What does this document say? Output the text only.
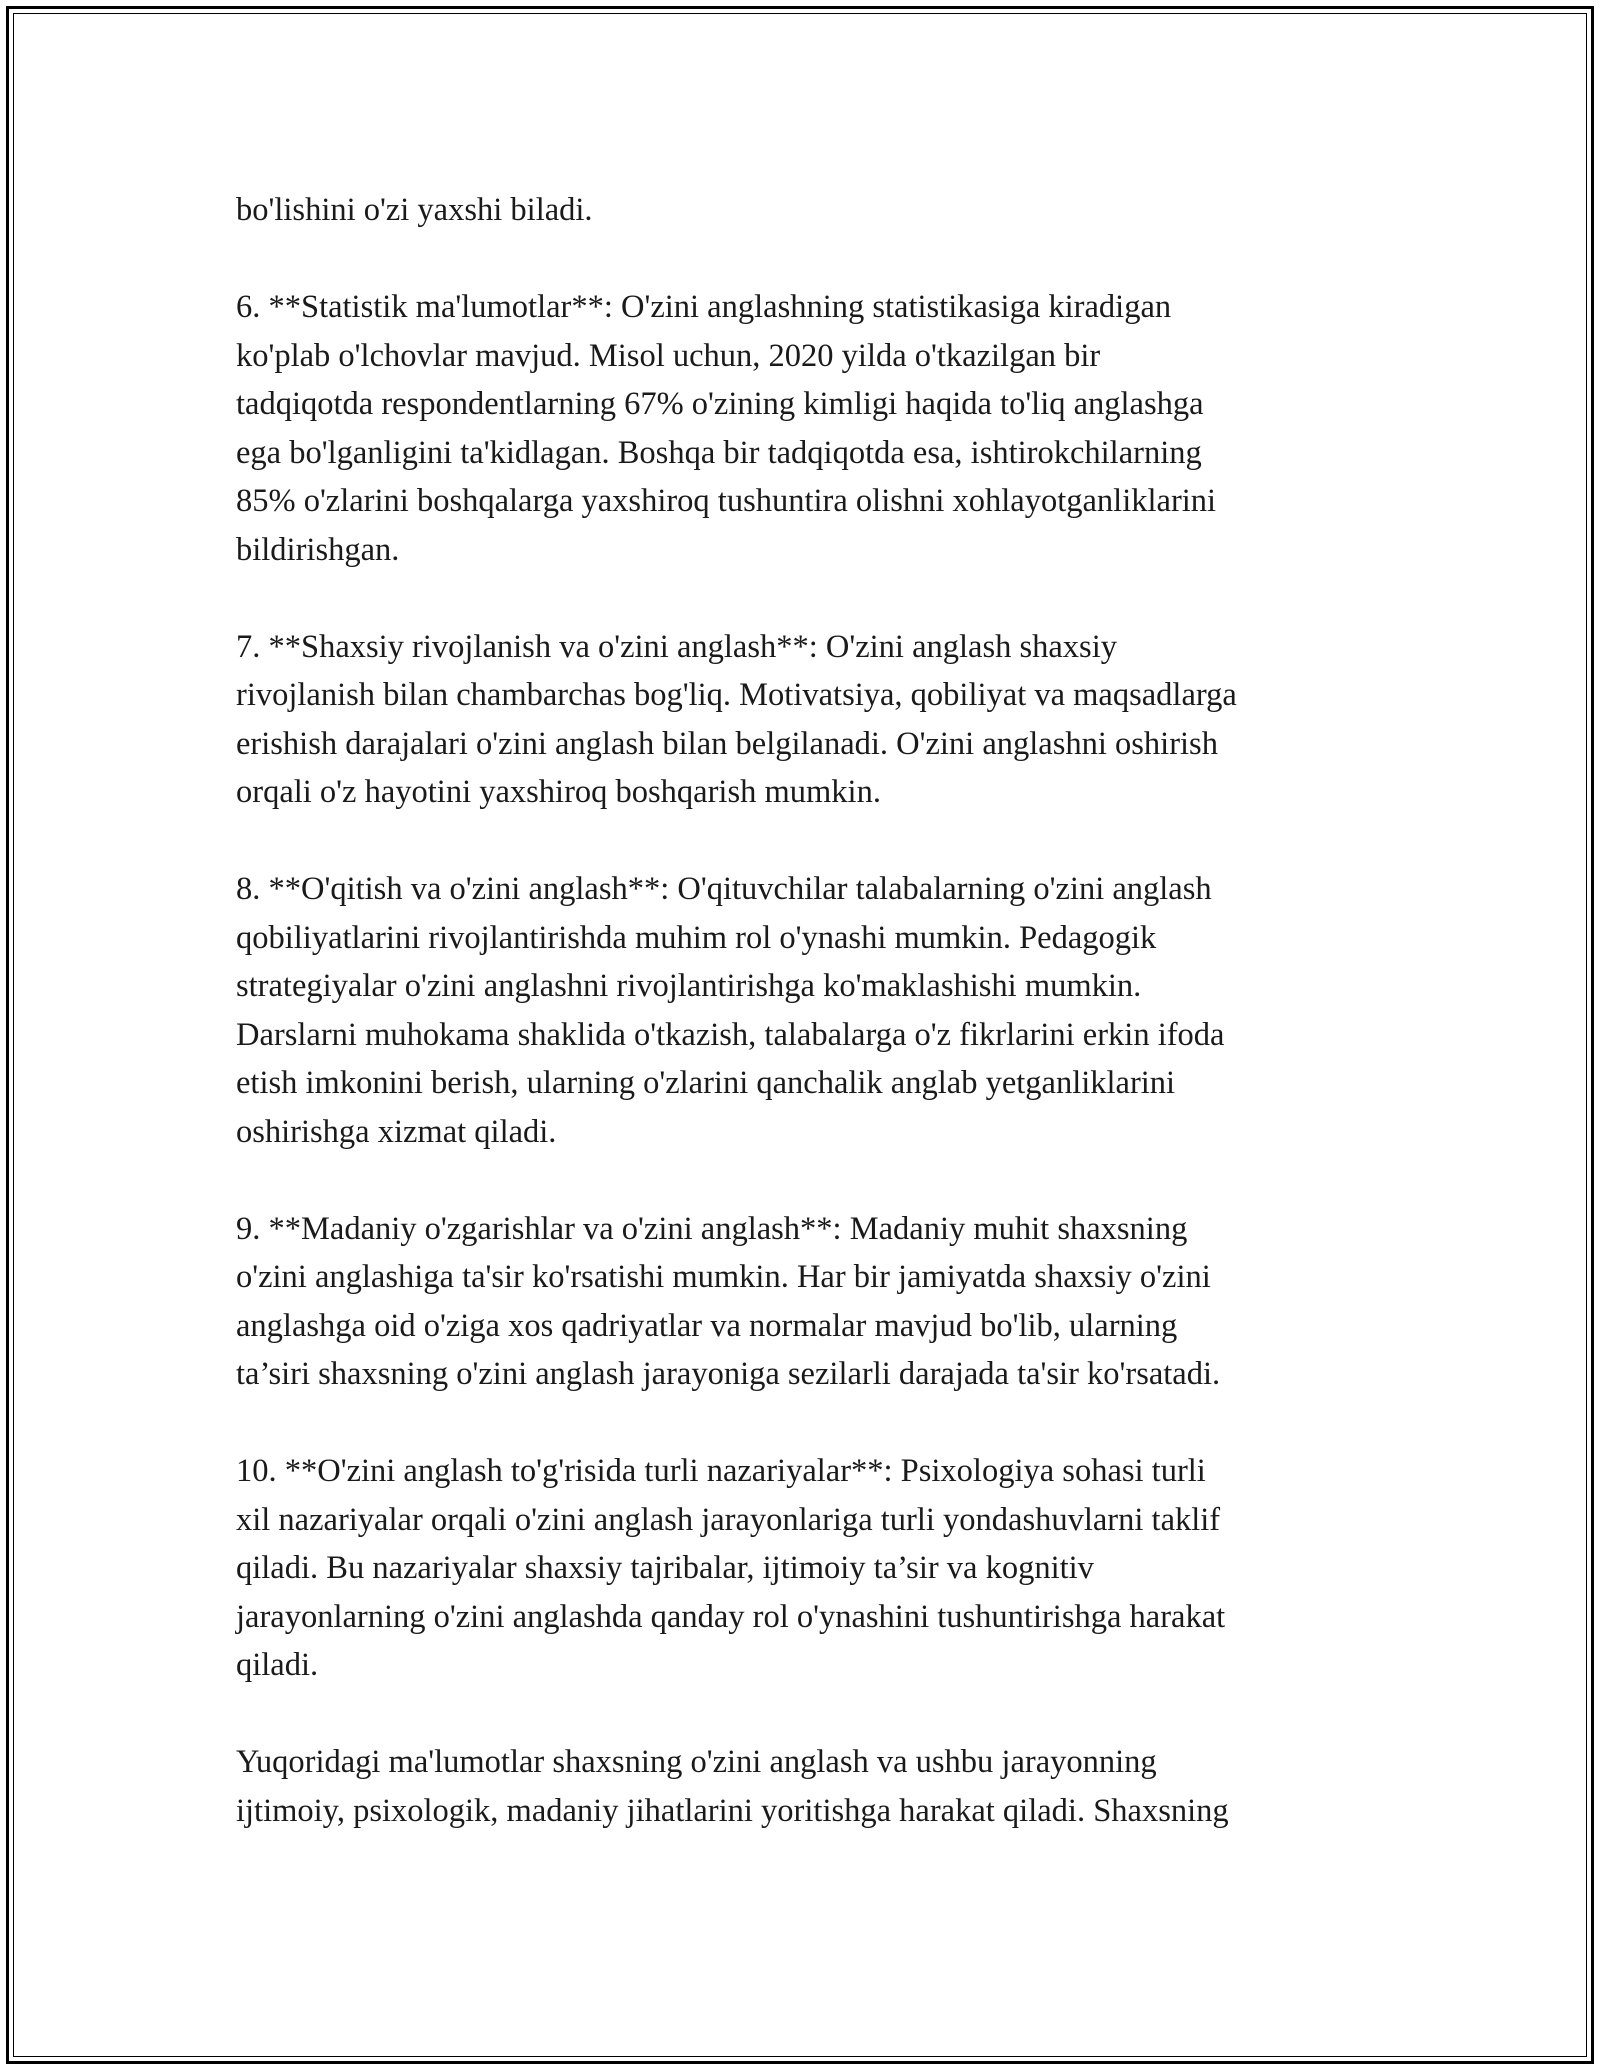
bo'lishini o'zi yaxshi biladi.

6. **Statistik ma'lumotlar**: O'zini anglashning statistikasiga kiradigan
ko'plab o'lchovlar mavjud. Misol uchun, 2020 yilda o'tkazilgan bir
tadqiqotda respondentlarning 67% o'zining kimligi haqida to'liq anglashga
ega bo'lganligini ta'kidlagan. Boshqa bir tadqiqotda esa, ishtirokchilarning
85% o'zlarini boshqalarga yaxshiroq tushuntira olishni xohlayotganliklarini
bildirishgan.

7. **Shaxsiy rivojlanish va o'zini anglash**: O'zini anglash shaxsiy
rivojlanish bilan chambarchas bog'liq. Motivatsiya, qobiliyat va maqsadlarga
erishish darajalari o'zini anglash bilan belgilanadi. O'zini anglashni oshirish
orqali o'z hayotini yaxshiroq boshqarish mumkin.

8. **O'qitish va o'zini anglash**: O'qituvchilar talabalarning o'zini anglash
qobiliyatlarini rivojlantirishda muhim rol o'ynashi mumkin. Pedagogik
strategiyalar o'zini anglashni rivojlantirishga ko'maklashishi mumkin.
Darslarni muhokama shaklida o'tkazish, talabalarga o'z fikrlarini erkin ifoda
etish imkonini berish, ularning o'zlarini qanchalik anglab yetganliklarini
oshirishga xizmat qiladi.

9. **Madaniy o'zgarishlar va o'zini anglash**: Madaniy muhit shaxsning
o'zini anglashiga ta'sir ko'rsatishi mumkin. Har bir jamiyatda shaxsiy o'zini
anglashga oid o'ziga xos qadriyatlar va normalar mavjud bo'lib, ularning
ta’siri shaxsning o'zini anglash jarayoniga sezilarli darajada ta'sir ko'rsatadi.

10. **O'zini anglash to'g'risida turli nazariyalar**: Psixologiya sohasi turli
xil nazariyalar orqali o'zini anglash jarayonlariga turli yondashuvlarni taklif
qiladi. Bu nazariyalar shaxsiy tajribalar, ijtimoiy ta’sir va kognitiv
jarayonlarning o'zini anglashda qanday rol o'ynashini tushuntirishga harakat
qiladi.

Yuqoridagi ma'lumotlar shaxsning o'zini anglash va ushbu jarayonning
ijtimoiy, psixologik, madaniy jihatlarini yoritishga harakat qiladi. Shaxsning
